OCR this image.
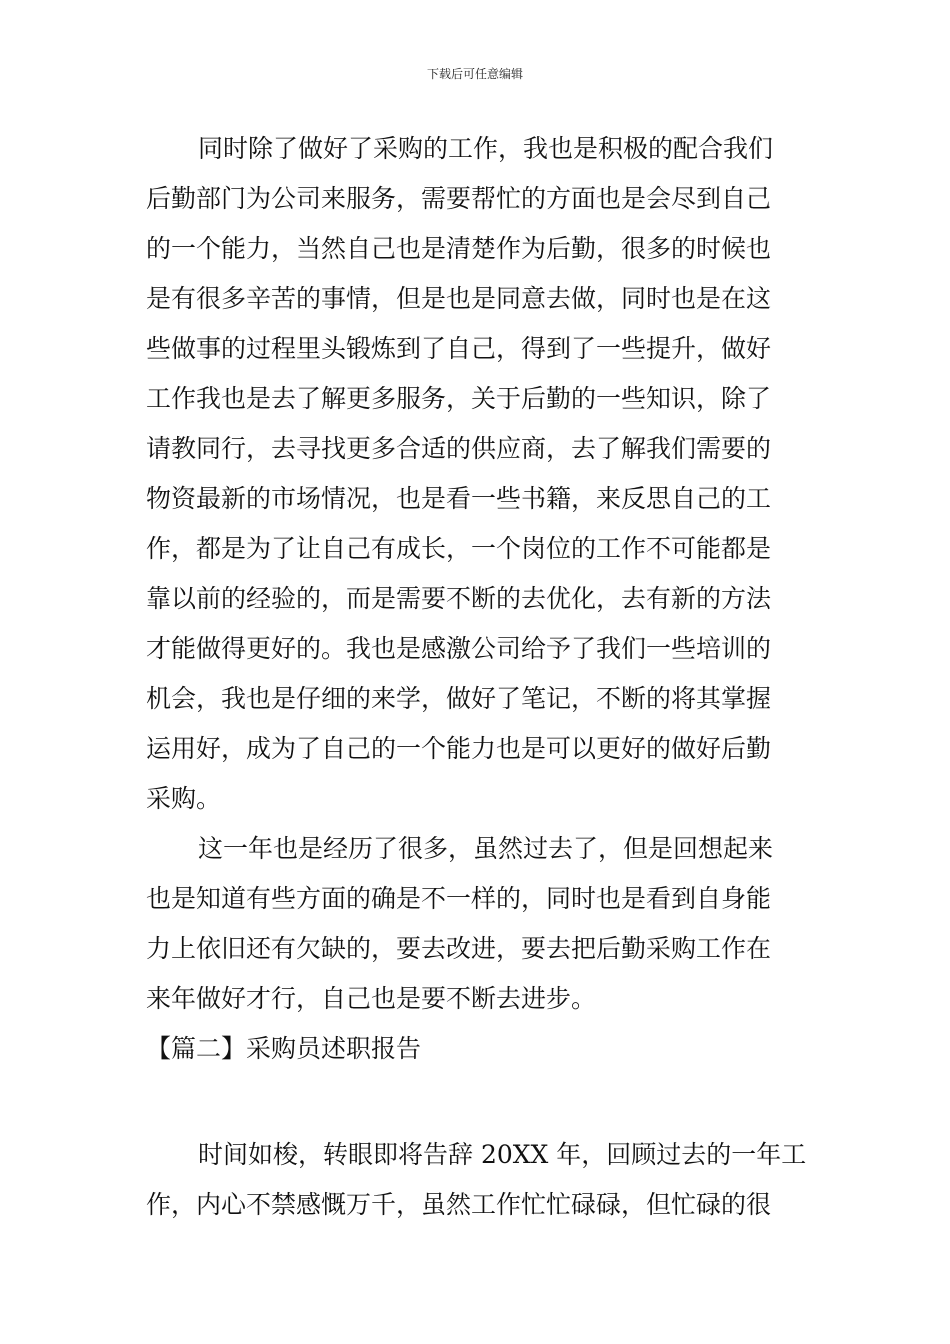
下载后可任意编辑
同时除了做好了采购的工作，我也是积极的配合我们
后勤部门为公司来服务，需要帮忙的方面也是会尽到自己
的一个能力，当然自己也是清楚作为后勤，很多的时候也
是有很多辛苦的事情，但是也是同意去做，同时也是在这
些做事的过程里头锻炼到了自己，得到了一些提升，做好
工作我也是去了解更多服务，关于后勤的一些知识，除了
请教同行，去寻找更多合适的供应商，去了解我们需要的
物资最新的市场情况，也是看一些书籍，来反思自己的工
作，都是为了让自己有成长，一个岗位的工作不可能都是
靠以前的经验的，而是需要不断的去优化，去有新的方法
才能做得更好的。我也是感激公司给予了我们一些培训的
机会，我也是仔细的来学，做好了笔记，不断的将其掌握
运用好，成为了自己的一个能力也是可以更好的做好后勤
采购。
这一年也是经历了很多，虽然过去了，但是回想起来
也是知道有些方面的确是不一样的，同时也是看到自身能
力上依旧还有欠缺的，要去改进，要去把后勤采购工作在
来年做好才行，自己也是要不断去进步。
【篇二】采购员述职报告
时间如梭，转眼即将告辞 20XX 年，回顾过去的一年工
作，内心不禁感慨万千，虽然工作忙忙碌碌，但忙碌的很
